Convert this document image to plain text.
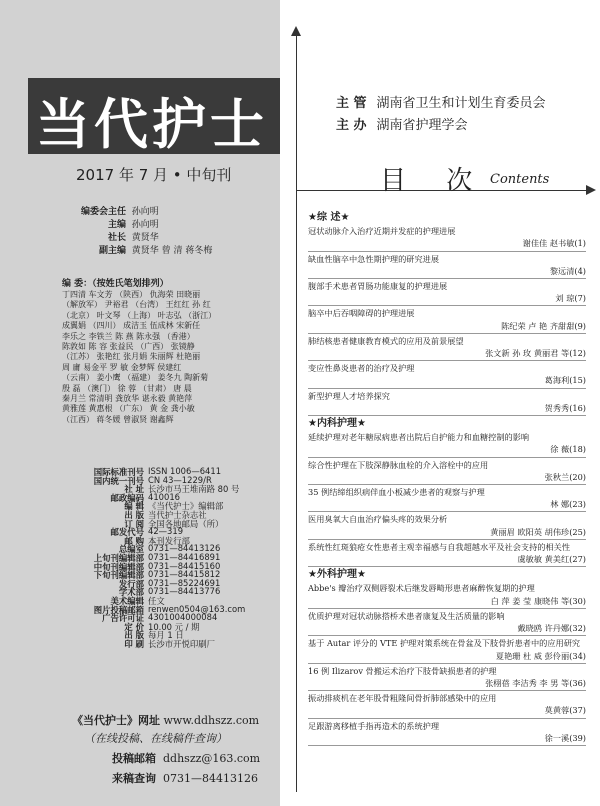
当代护士
2017 年 7 月 • 中旬刊
主 管 湖南省卫生和计划生育委员会
主 办 湖南省护理学会
目 次 Contents
编委会主任 孙向明
主编 孙向明
社长 黄贤华
副主编 黄贤华 曾 清 蒋冬梅
编 委：（按姓氏笔划排列）
丁四清 车文芳 （陕西） 仇海荣 田晓丽
（解放军） 尹裕君 （台湾） 王红红 孙 红
（北京） 叶文琴 （上海） 叶志弘 （浙江）
成翼娟 （四川） 成洁玉 伍成林 宋新任
李乐之 李铁兰 陈 燕 陈永强 （香港）
陈敦如 陈 容 张益民 （广西） 张镜静
（江苏） 张艳红 张月娟 朱丽辉 杜艳丽
周 庸 易金平 罗 敏 金梦辉 侯建红
（云南） 姜小鹰 （福建） 姜冬九 陶新菊
殷 磊 （澳门） 徐 蓉 （甘肃） 唐 晨
秦月兰 常清明 龚放华 谌永毅 黄艳萍
黄雅莲 黄惠根 （广东） 黄 金 龚小敏
（江西） 蒋冬媛 曾淑贤 谢鑫辉
国际标准刊号 ISSN 1006—6411
国内统一刊号 CN 43—1229/R
社 址 长沙市马王堆南路 80 号
邮政编码 410016
编 辑 《当代护士》编辑部
出 版 当代护士杂志社
订 阅 全国各地邮局（所）
邮发代号 42—319
邮 购 本刊发行部
总编室 0731—84413126
上旬刊编辑部 0731—84416891
中旬刊编辑部 0731—84415160
下旬刊编辑部 0731—84415812
发行部 0731—85224691
学术部 0731—84413776
美术编辑 任文
图片投稿邮箱 renwen0504@163.com
广告许可证 4301004000084
定 价 10.00 元 / 期
出 版 每月 1 日
印 刷 长沙市开悦印刷厂
《当代护士》网址 www.ddhszz.com
（在线投稿、在线稿件查询）
投稿邮箱 ddhszz@163.com
来稿查询 0731—84413126
★综 述★
冠状动脉介入治疗近期并发症的护理进展
谢佳佳 赵书敏(1)
缺血性脑卒中急性期护理的研究进展
黎远清(4)
腹部手术患者胃肠功能康复的护理进展
刘 琼(7)
脑卒中后吞咽障碍的护理进展
陈纪荣 卢 艳 齐甜甜(9)
肺结核患者健康教育模式的应用及前景展望
张文新 孙 玫 黄丽君 等(12)
变应性鼻炎患者的治疗及护理
葛海利(15)
新型护理人才培养探究
贺秀秀(16)
★内科护理★
延续护理对老年糖尿病患者出院后自护能力和血糖控制的影响
徐 薇(18)
综合性护理在下肢深静脉血栓的介入溶栓中的应用
张秋兰(20)
35 例结缔组织病伴血小板减少患者的观察与护理
林 娜(23)
医用臭氧大自血治疗偏头疼的效果分析
黄丽眉 欧阳英 胡伟珍(25)
系统性红斑狼疮女性患者主观幸福感与自我超越水平及社会支持的相关性
虞敏敏 黄美红(27)
★外科护理★
Abbe's 瓣治疗双侧唇裂术后继发唇畸形患者麻醉恢复期的护理
白 萍 姜 莹 康晓伟 等(30)
优质护理对冠状动脉搭桥术患者康复及生活质量的影响
戴晓鸥 许丹娜(32)
基于 Autar 评分的 VTE 护理对策系统在骨盆及下肢骨折患者中的应用研究
夏艳珊 杜 威 彭伶丽(34)
16 例 Ilizarov 骨搬运术治疗下肢骨缺损患者的护理
张栩蓓 李洁秀 李 男 等(36)
振动排痰机在老年股骨粗隆间骨折肺部感染中的应用
莫黄蓉(37)
足跟游离移植手指再造术的系统护理
徐一溪(39)
